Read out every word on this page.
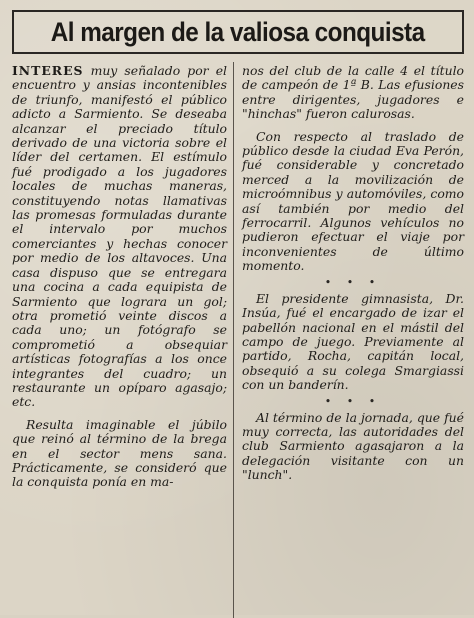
Al margen de la valiosa conquista

INTERES muy señalado por el encuentro y ansias incontenibles de triunfo, manifestó el público adicto a Sarmiento. Se deseaba alcanzar el preciado título derivado de una victoria sobre el líder del certamen. El estímulo fué prodigado a los jugadores locales de muchas maneras, constituyendo notas llamativas las promesas formuladas durante el intervalo por muchos comerciantes y hechas conocer por medio de los altavoces. Una casa dispuso que se entregara una cocina a cada equipista de Sarmiento que lograra un gol; otra prometió veinte discos a cada uno; un fotógrafo se comprometió a obsequiar artísticas fotografías a los once integrantes del cuadro; un restaurante un opíparo agasajo; etc.

Resulta imaginable el júbilo que reinó al término de la brega en el sector mens sana. Prácticamente, se consideró que la conquista ponía en ma-

nos del club de la calle 4 el título de campeón de 1ª B. Las efusiones entre dirigentes, jugadores e "hinchas" fueron calurosas.

Con respecto al traslado de público desde la ciudad Eva Perón, fué considerable y concretado merced a la movilización de microómnibus y automóviles, como así también por medio del ferrocarril. Algunos vehículos no pudieron efectuar el viaje por inconvenientes de último momento.

• • •

El presidente gimnasista, Dr. Insúa, fué el encargado de izar el pabellón nacional en el mástil del campo de juego. Previamente al partido, Rocha, capitán local, obsequió a su colega Smargiassi con un banderín.

• • •

Al término de la jornada, que fué muy correcta, las autoridades del club Sarmiento agasajaron a la delegación visitante con un "lunch".
